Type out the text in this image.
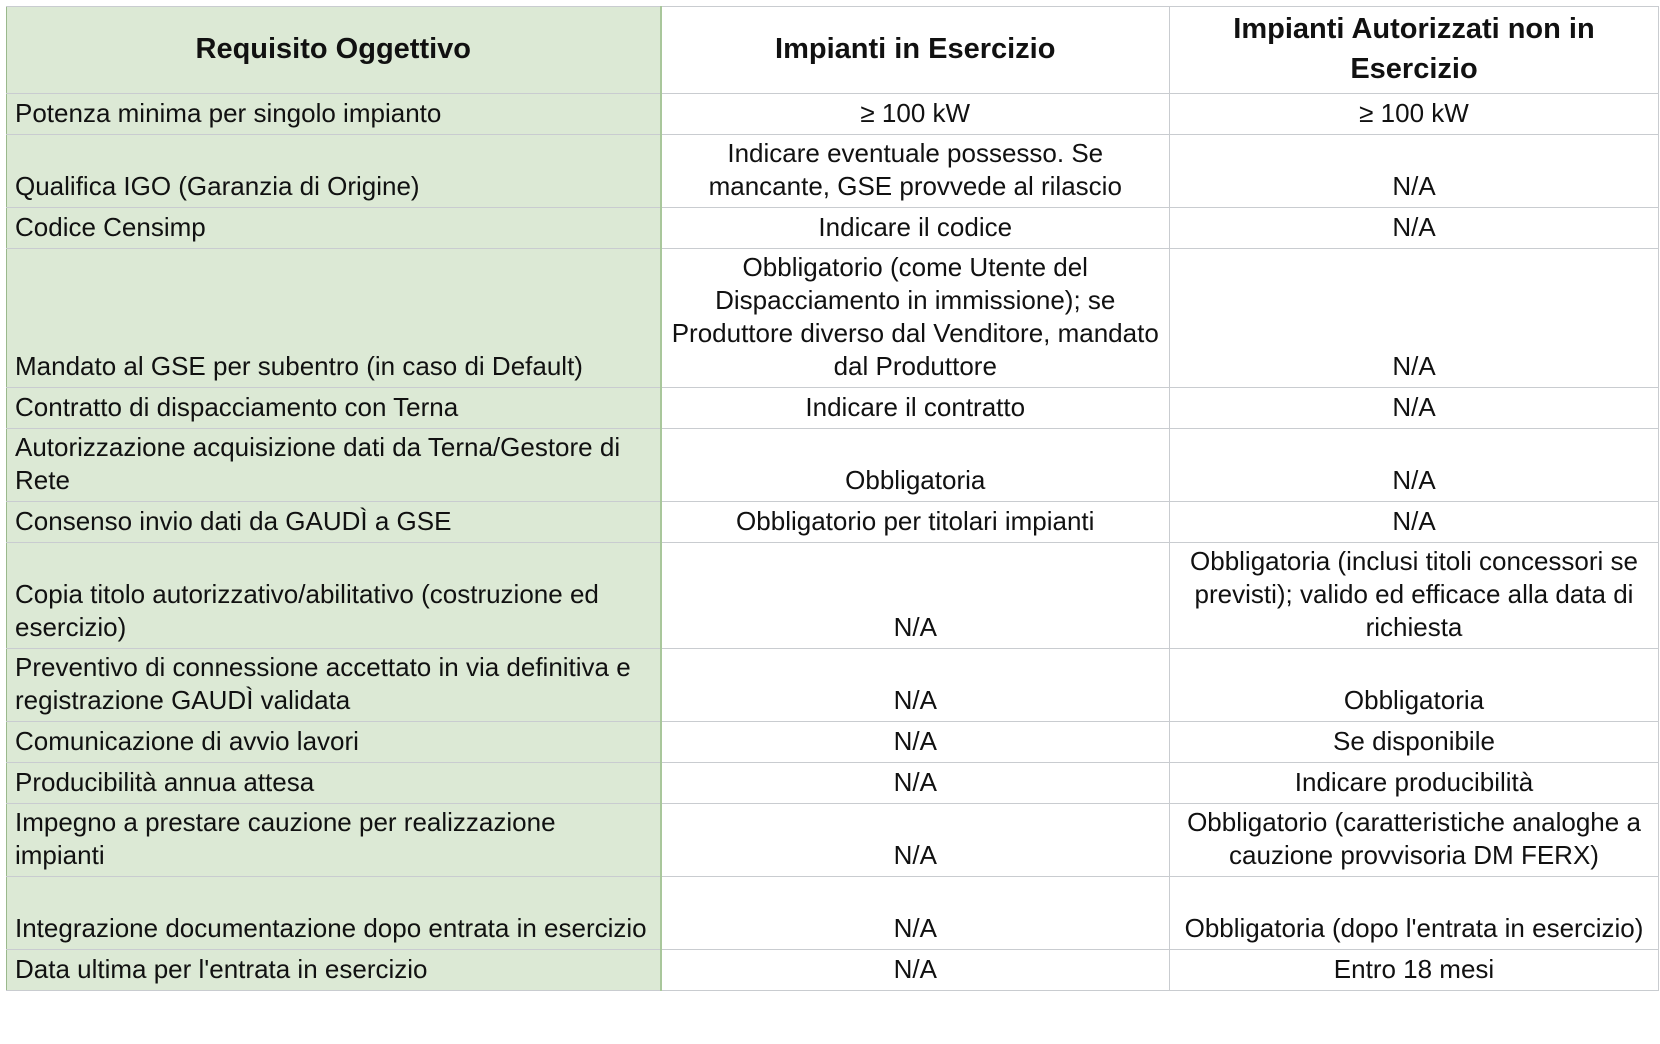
Requisito Oggettivo	Impianti in Esercizio	Impianti Autorizzati non in Esercizio
Potenza minima per singolo impianto	≥ 100 kW	≥ 100 kW
Qualifica IGO (Garanzia di Origine)	Indicare eventuale possesso. Se mancante, GSE provvede al rilascio	N/A
Codice Censimp	Indicare il codice	N/A
Mandato al GSE per subentro (in caso di Default)	Obbligatorio (come Utente del Dispacciamento in immissione); se Produttore diverso dal Venditore, mandato dal Produttore	N/A
Contratto di dispacciamento con Terna	Indicare il contratto	N/A
Autorizzazione acquisizione dati da Terna/Gestore di Rete	Obbligatoria	N/A
Consenso invio dati da GAUDÌ a GSE	Obbligatorio per titolari impianti	N/A
Copia titolo autorizzativo/abilitativo (costruzione ed esercizio)	N/A	Obbligatoria (inclusi titoli concessori se previsti); valido ed efficace alla data di richiesta
Preventivo di connessione accettato in via definitiva e registrazione GAUDÌ validata	N/A	Obbligatoria
Comunicazione di avvio lavori	N/A	Se disponibile
Producibilità annua attesa	N/A	Indicare producibilità
Impegno a prestare cauzione per realizzazione impianti	N/A	Obbligatorio (caratteristiche analoghe a cauzione provvisoria DM FERX)
Integrazione documentazione dopo entrata in esercizio	N/A	Obbligatoria (dopo l'entrata in esercizio)
Data ultima per l'entrata in esercizio	N/A	Entro 18 mesi
